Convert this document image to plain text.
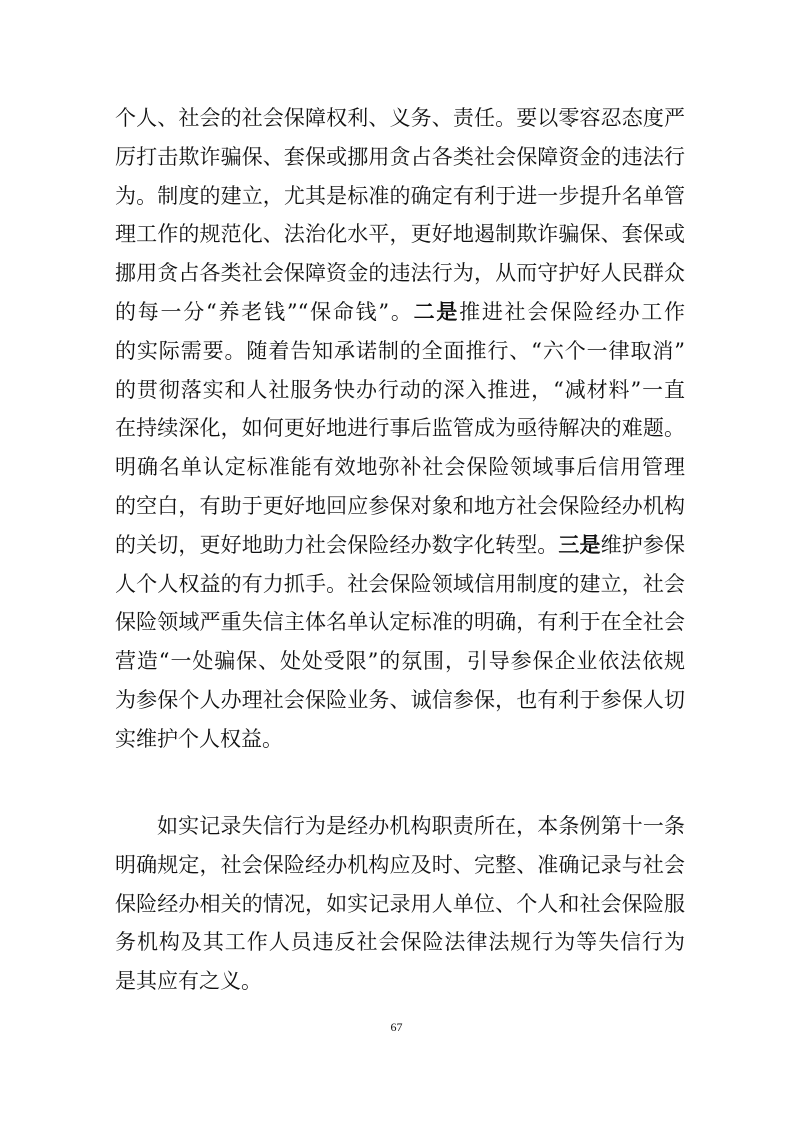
个人、社会的社会保障权利、义务、责任。要以零容忍态度严
厉打击欺诈骗保、套保或挪用贪占各类社会保障资金的违法行
为。制度的建立，尤其是标准的确定有利于进一步提升名单管
理工作的规范化、法治化水平，更好地遏制欺诈骗保、套保或
挪用贪占各类社会保障资金的违法行为，从而守护好人民群众
的每一分“养老钱”“保命钱”。二是推进社会保险经办工作
的实际需要。随着告知承诺制的全面推行、“六个一律取消”
的贯彻落实和人社服务快办行动的深入推进，“减材料”一直
在持续深化，如何更好地进行事后监管成为亟待解决的难题。
明确名单认定标准能有效地弥补社会保险领域事后信用管理
的空白，有助于更好地回应参保对象和地方社会保险经办机构
的关切，更好地助力社会保险经办数字化转型。三是维护参保
人个人权益的有力抓手。社会保险领域信用制度的建立，社会
保险领域严重失信主体名单认定标准的明确，有利于在全社会
营造“一处骗保、处处受限”的氛围，引导参保企业依法依规
为参保个人办理社会保险业务、诚信参保，也有利于参保人切
实维护个人权益。
如实记录失信行为是经办机构职责所在，本条例第十一条
明确规定，社会保险经办机构应及时、完整、准确记录与社会
保险经办相关的情况，如实记录用人单位、个人和社会保险服
务机构及其工作人员违反社会保险法律法规行为等失信行为
是其应有之义。
67
